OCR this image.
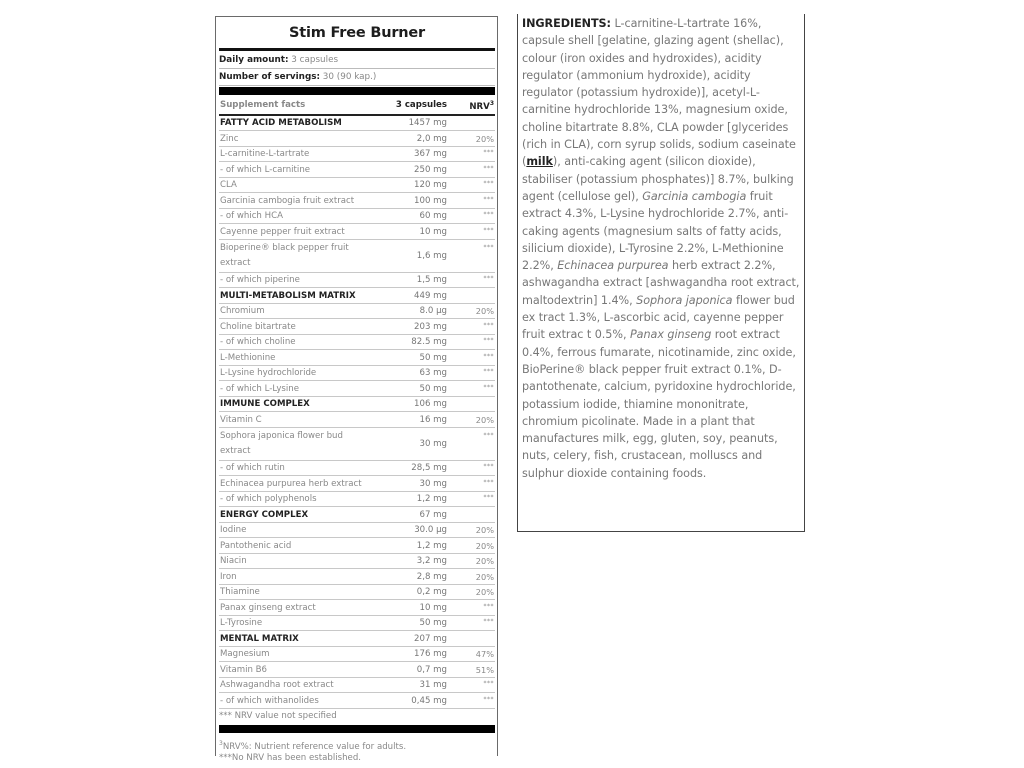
Stim Free Burner
Daily amount: 3 capsules
Number of servings: 30 (90 kap.)
Supplement facts	3 capsules	NRV$^3$
FATTY ACID METABOLISM	1457 mg	
Zinc	2,0 mg	20%
L-carnitine-L-tartrate	367 mg	***
- of which L-carnitine	250 mg	***
CLA	120 mg	***
Garcinia cambogia fruit extract	100 mg	***
- of which HCA	60 mg	***
Cayenne pepper fruit extract	10 mg	***
Bioperine® black pepper fruit extract	1,6 mg	***
- of which piperine	1,5 mg	***
MULTI-METABOLISM MATRIX	449 mg	
Chromium	8.0 µg	20%
Choline bitartrate	203 mg	***
- of which choline	82.5 mg	***
L-Methionine	50 mg	***
L-Lysine hydrochloride	63 mg	***
- of which L-Lysine	50 mg	***
IMMUNE COMPLEX	106 mg	
Vitamin C	16 mg	20%
Sophora japonica flower bud extract	30 mg	***
- of which rutin	28,5 mg	***
Echinacea purpurea herb extract	30 mg	***
- of which polyphenols	1,2 mg	***
ENERGY COMPLEX	67 mg	
Iodine	30.0 µg	20%
Pantothenic acid	1,2 mg	20%
Niacin	3,2 mg	20%
Iron	2,8 mg	20%
Thiamine	0,2 mg	20%
Panax ginseng extract	10 mg	***
L-Tyrosine	50 mg	***
MENTAL MATRIX	207 mg	
Magnesium	176 mg	47%
Vitamin B6	0,7 mg	51%
Ashwagandha root extract	31 mg	***
- of which withanolides	0,45 mg	***
*** NRV value not specified
$^3$NRV%: Nutrient reference value for adults.
***No NRV has been established.
INGREDIENTS: L-carnitine-L-tartrate 16%, capsule shell [gelatine, glazing agent (shellac), colour (iron oxides and hydroxides), acidity regulator (ammonium hydroxide), acidity regulator (potassium hydroxide)], acetyl-L-carnitine hydrochloride 13%, magnesium oxide, choline bitartrate 8.8%, CLA powder [glycerides (rich in CLA), corn syrup solids, sodium caseinate (milk), anti-caking agent (silicon dioxide), stabiliser (potassium phosphates)] 8.7%, bulking agent (cellulose gel), Garcinia cambogia fruit extract 4.3%, L-Lysine hydrochloride 2.7%, anti-caking agents (magnesium salts of fatty acids, silicium dioxide), L-Tyrosine 2.2%, L-Methionine 2.2%, Echinacea purpurea herb extract 2.2%, ashwagandha extract [ashwagandha root extract, maltodextrin] 1.4%, Sophora japonica flower bud ex tract 1.3%, L-ascorbic acid, cayenne pepper fruit extrac t 0.5%, Panax ginseng root extract 0.4%, ferrous fumarate, nicotinamide, zinc oxide, BioPerine® black pepper fruit extract 0.1%, D-pantothenate, calcium, pyridoxine hydrochloride, potassium iodide, thiamine mononitrate, chromium picolinate. Made in a plant that manufactures milk, egg, gluten, soy, peanuts, nuts, celery, fish, crustacean, molluscs and sulphur dioxide containing foods.
